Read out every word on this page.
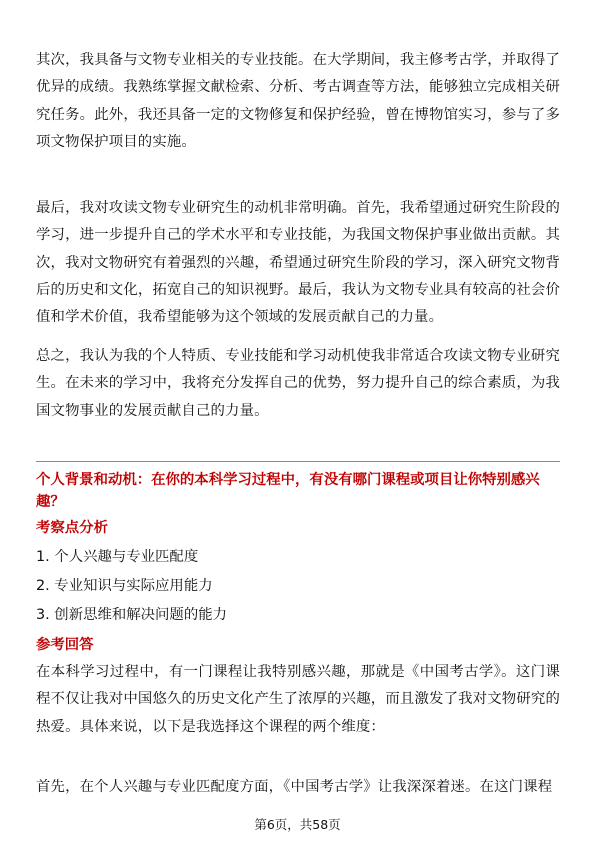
其次，我具备与文物专业相关的专业技能。在大学期间，我主修考古学，并取得了优异的成绩。我熟练掌握文献检索、分析、考古调查等方法，能够独立完成相关研究任务。此外，我还具备一定的文物修复和保护经验，曾在博物馆实习，参与了多项文物保护项目的实施。

最后，我对攻读文物专业研究生的动机非常明确。首先，我希望通过研究生阶段的学习，进一步提升自己的学术水平和专业技能，为我国文物保护事业做出贡献。其次，我对文物研究有着强烈的兴趣，希望通过研究生阶段的学习，深入研究文物背后的历史和文化，拓宽自己的知识视野。最后，我认为文物专业具有较高的社会价值和学术价值，我希望能够为这个领域的发展贡献自己的力量。

总之，我认为我的个人特质、专业技能和学习动机使我非常适合攻读文物专业研究生。在未来的学习中，我将充分发挥自己的优势，努力提升自己的综合素质，为我国文物事业的发展贡献自己的力量。

个人背景和动机：在你的本科学习过程中，有没有哪门课程或项目让你特别感兴趣？

考察点分析

1. 个人兴趣与专业匹配度

2. 专业知识与实际应用能力

3. 创新思维和解决问题的能力

参考回答

在本科学习过程中，有一门课程让我特别感兴趣，那就是《中国考古学》。这门课程不仅让我对中国悠久的历史文化产生了浓厚的兴趣，而且激发了我对文物研究的热爱。具体来说，以下是我选择这个课程的两个维度：

首先，在个人兴趣与专业匹配度方面，《中国考古学》让我深深着迷。在这门课程

第6页，共58页
